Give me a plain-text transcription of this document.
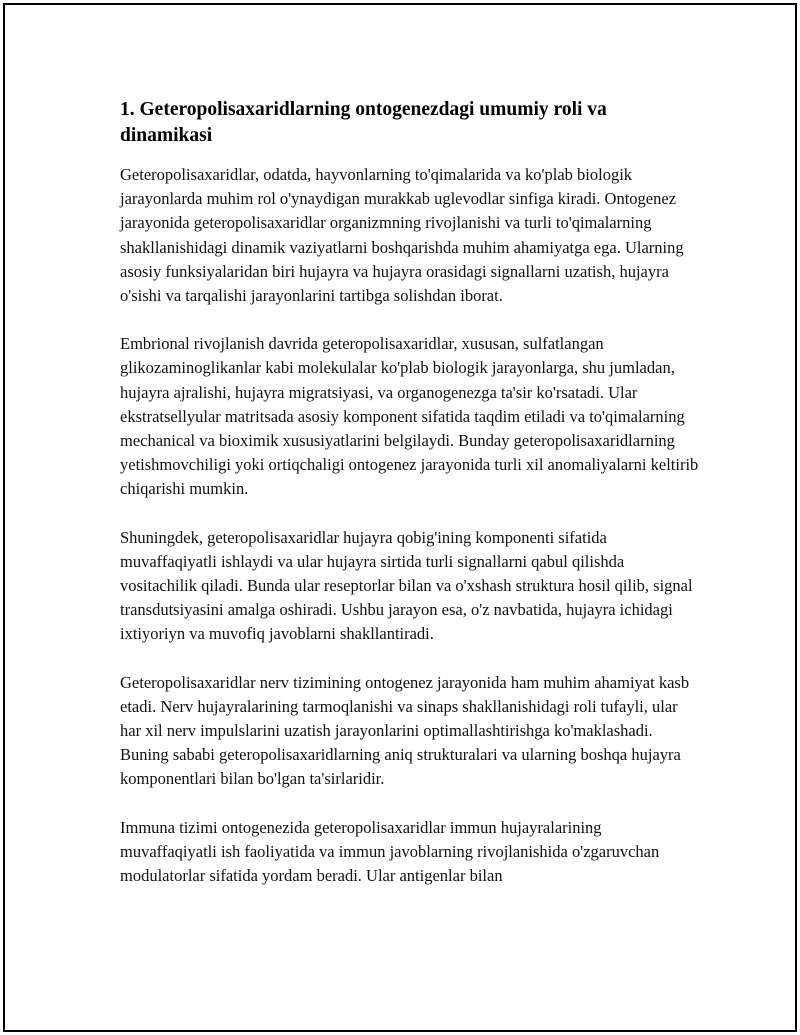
1. Geteropolisaxaridlarning ontogenezdagi umumiy roli va dinamikasi

Geteropolisaxaridlar, odatda, hayvonlarning to'qimalarida va ko'plab biologik jarayonlarda muhim rol o'ynaydigan murakkab uglevodlar sinfiga kiradi. Ontogenez jarayonida geteropolisaxaridlar organizmning rivojlanishi va turli to'qimalarning shakllanishidagi dinamik vaziyatlarni boshqarishda muhim ahamiyatga ega. Ularning asosiy funksiyalaridan biri hujayra va hujayra orasidagi signallarni uzatish, hujayra o'sishi va tarqalishi jarayonlarini tartibga solishdan iborat.

Embrional rivojlanish davrida geteropolisaxaridlar, xususan, sulfatlangan glikozaminoglikanlar kabi molekulalar ko'plab biologik jarayonlarga, shu jumladan, hujayra ajralishi, hujayra migratsiyasi, va organogenezga ta'sir ko'rsatadi. Ular ekstratsellyular matritsada asosiy komponent sifatida taqdim etiladi va to'qimalarning mechanical va bioximik xususiyatlarini belgilaydi. Bunday geteropolisaxaridlarning yetishmovchiligi yoki ortiqchaligi ontogenez jarayonida turli xil anomaliyalarni keltirib chiqarishi mumkin.

Shuningdek, geteropolisaxaridlar hujayra qobig'ining komponenti sifatida muvaffaqiyatli ishlaydi va ular hujayra sirtida turli signallarni qabul qilishda vositachilik qiladi. Bunda ular reseptorlar bilan va o'xshash struktura hosil qilib, signal transdutsiyasini amalga oshiradi. Ushbu jarayon esa, o'z navbatida, hujayra ichidagi ixtiyoriyn va muvofiq javoblarni shakllantiradi.

Geteropolisaxaridlar nerv tizimining ontogenez jarayonida ham muhim ahamiyat kasb etadi. Nerv hujayralarining tarmoqlanishi va sinaps shakllanishidagi roli tufayli, ular har xil nerv impulslarini uzatish jarayonlarini optimallashtirishga ko'maklashadi. Buning sababi geteropolisaxaridlarning aniq strukturalari va ularning boshqa hujayra komponentlari bilan bo'lgan ta'sirlaridir.

Immuna tizimi ontogenezida geteropolisaxaridlar immun hujayralarining muvaffaqiyatli ish faoliyatida va immun javoblarning rivojlanishida o'zgaruvchan modulatorlar sifatida yordam beradi. Ular antigenlar bilan
